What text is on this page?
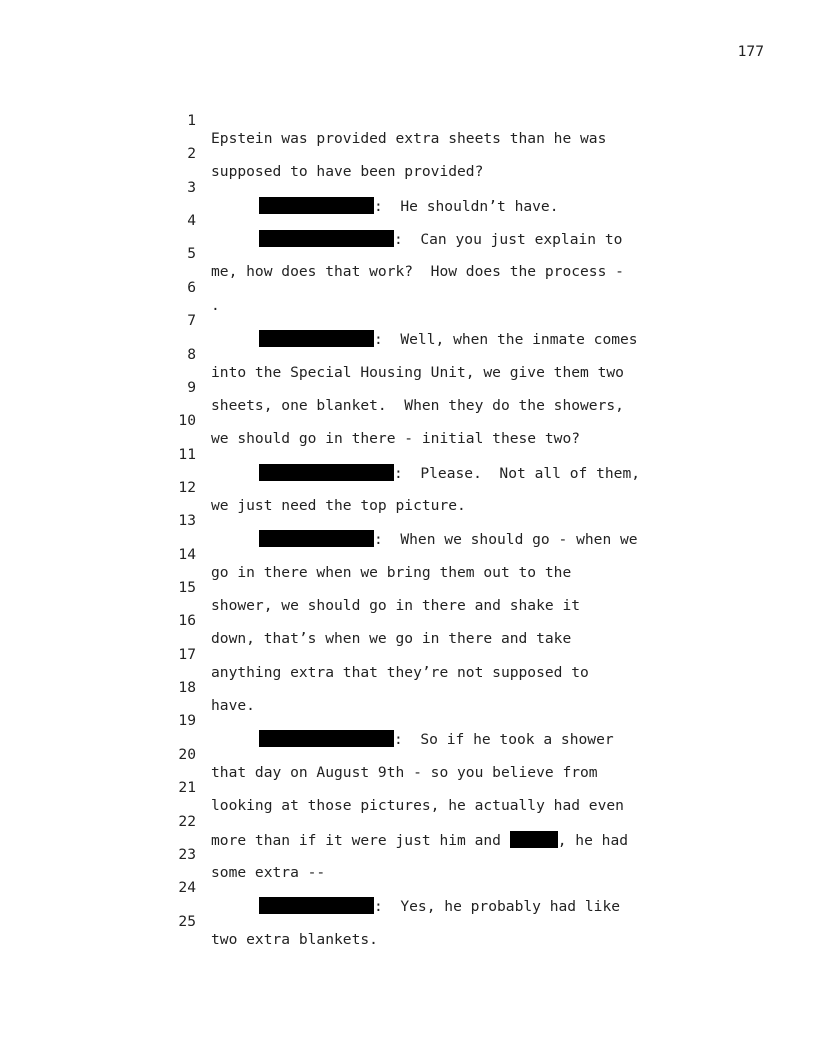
177

1

Epstein was provided extra sheets than he was

2

supposed to have been provided?

3

:  He shouldn’t have.

4

:  Can you just explain to

5

me, how does that work?  How does the process -

6

.

7

:  Well, when the inmate comes

8

into the Special Housing Unit, we give them two

9

sheets, one blanket.  When they do the showers,

10

we should go in there - initial these two?

11

:  Please.  Not all of them,

12

we just need the top picture.

13

:  When we should go - when we

14

go in there when we bring them out to the

15

shower, we should go in there and shake it

16

down, that’s when we go in there and take

17

anything extra that they’re not supposed to

18

have.

19

:  So if he took a shower

20

that day on August 9th - so you believe from

21

looking at those pictures, he actually had even

22

more than if it were just him and	, he had

23

some extra --

24

:  Yes, he probably had like

25

two extra blankets.
